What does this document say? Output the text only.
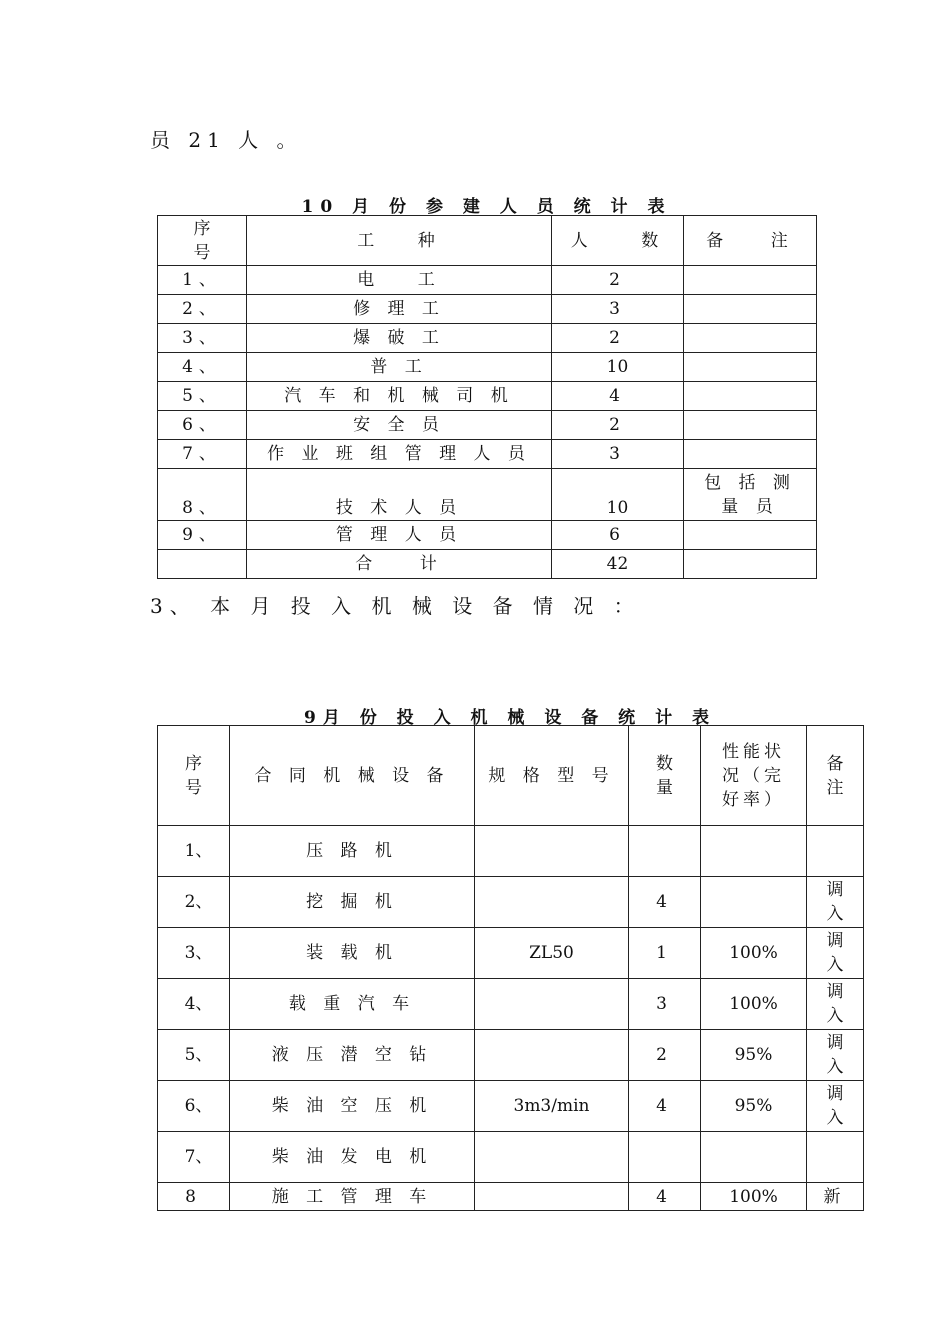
员 21 人 。
10 月 份 参 建 人 员 统 计 表
序号	工 种	人 数	备 注
1、	电 工	2	
2、	修 理 工	3	
3、	爆 破 工	2	
4、	普 工	10	
5、	汽 车 和 机 械 司 机	4	
6、	安 全 员	2	
7、	作 业 班 组 管 理 人 员	3	
8、	技 术 人 员	10	包 括 测 量 员

9、	管 理 人 员	6	
	合 计	42	
3、 本 月 投 入 机 械 设 备 情 况 ：
9月 份 投 入 机 械 设 备 统 计 表
序号	合 同 机 械 设 备	规 格 型 号	数量	性能状况（完好率）	备注

1、	压 路 机				

2、	挖 掘 机		4		调入

3、	装 载 机	ZL50	1	100%	调入

4、	载 重 汽 车		3	100%	调入

5、	液 压 潜 空 钻		2	95%	调入

6、	柴 油 空 压 机	3m3/min	4	95%	调入

7、	柴 油 发 电 机				

8	施 工 管 理 车		4	100%	新
